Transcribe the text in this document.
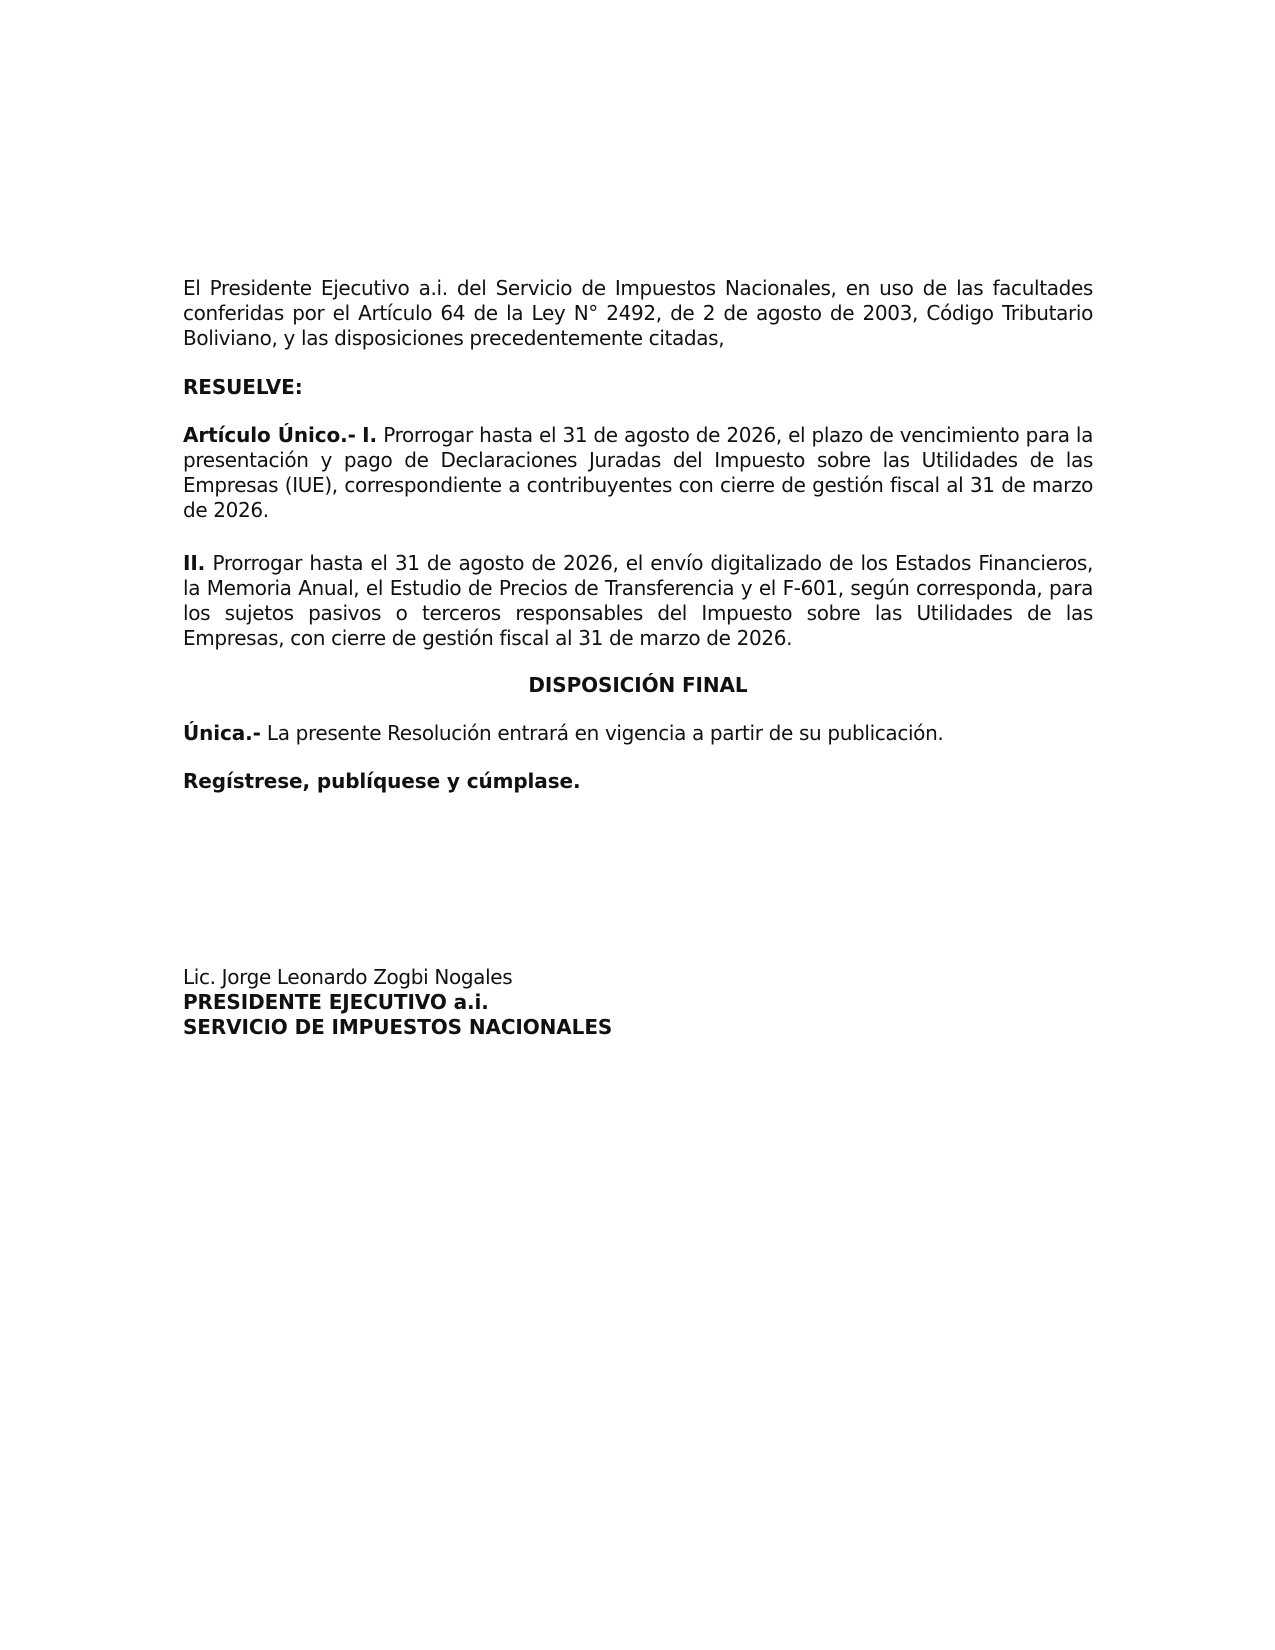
El Presidente Ejecutivo a.i. del Servicio de Impuestos Nacionales, en uso de las facultades conferidas por el Artículo 64 de la Ley N° 2492, de 2 de agosto de 2003, Código Tributario Boliviano, y las disposiciones precedentemente citadas,

RESUELVE:

Artículo Único.- I. Prorrogar hasta el 31 de agosto de 2026, el plazo de vencimiento para la presentación y pago de Declaraciones Juradas del Impuesto sobre las Utilidades de las Empresas (IUE), correspondiente a contribuyentes con cierre de gestión fiscal al 31 de marzo de 2026.

II. Prorrogar hasta el 31 de agosto de 2026, el envío digitalizado de los Estados Financieros, la Memoria Anual, el Estudio de Precios de Transferencia y el F-601, según corresponda, para los sujetos pasivos o terceros responsables del Impuesto sobre las Utilidades de las Empresas, con cierre de gestión fiscal al 31 de marzo de 2026.

DISPOSICIÓN FINAL

Única.- La presente Resolución entrará en vigencia a partir de su publicación.

Regístrese, publíquese y cúmplase.

Lic. Jorge Leonardo Zogbi Nogales

PRESIDENTE EJECUTIVO a.i.

SERVICIO DE IMPUESTOS NACIONALES
